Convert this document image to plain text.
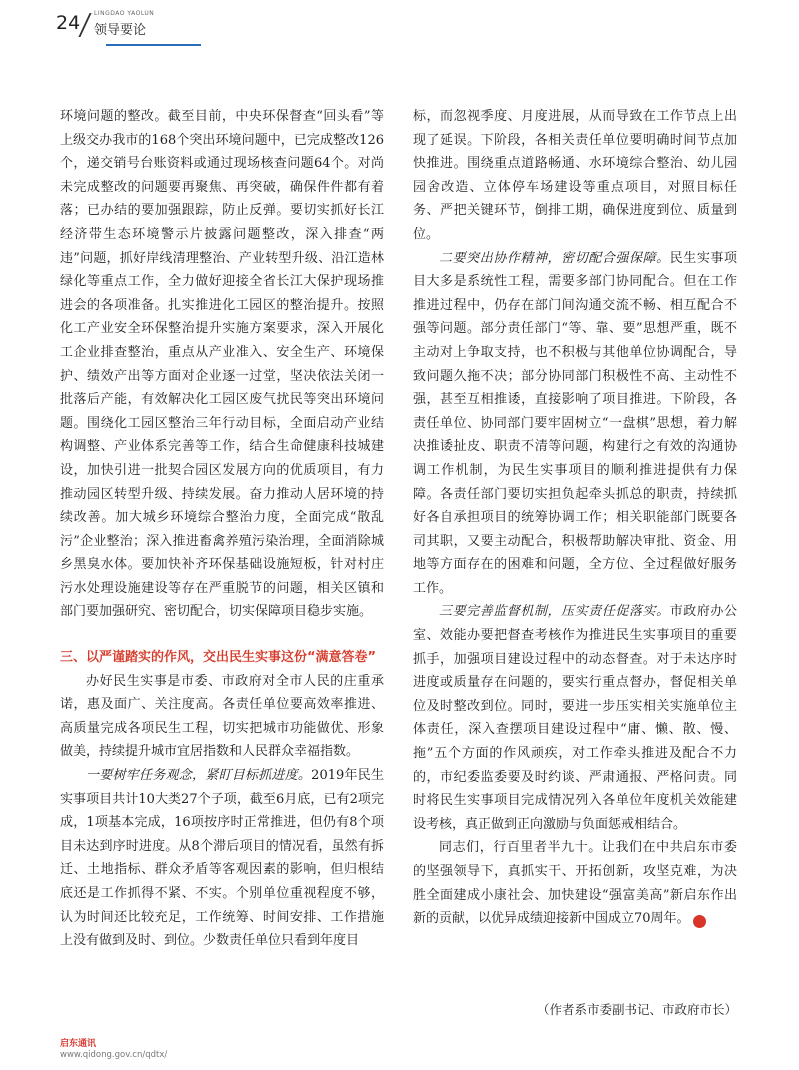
24 LINGDAO YAOLUN
领导要论

环境问题的整改。截至目前，中央环保督查“回头看”等上级交办我市的168个突出环境问题中，已完成整改126个，递交销号台账资料或通过现场核查问题64个。对尚未完成整改的问题要再聚焦、再突破，确保件件都有着落；已办结的要加强跟踪，防止反弹。要切实抓好长江经济带生态环境警示片披露问题整改，深入排查“两违”问题，抓好岸线清理整治、产业转型升级、沿江造林绿化等重点工作，全力做好迎接全省长江大保护现场推进会的各项准备。扎实推进化工园区的整治提升。按照化工产业安全环保整治提升实施方案要求，深入开展化工企业排查整治，重点从产业准入、安全生产、环境保护、绩效产出等方面对企业逐一过堂，坚决依法关闭一批落后产能，有效解决化工园区废气扰民等突出环境问题。围绕化工园区整治三年行动目标，全面启动产业结构调整、产业体系完善等工作，结合生命健康科技城建设，加快引进一批契合园区发展方向的优质项目，有力推动园区转型升级、持续发展。奋力推动人居环境的持续改善。加大城乡环境综合整治力度，全面完成“散乱污”企业整治；深入推进畜禽养殖污染治理，全面消除城乡黑臭水体。要加快补齐环保基础设施短板，针对村庄污水处理设施建设等存在严重脱节的问题，相关区镇和部门要加强研究、密切配合，切实保障项目稳步实施。

三、以严谨踏实的作风，交出民生实事这份“满意答卷”

办好民生实事是市委、市政府对全市人民的庄重承诺，惠及面广、关注度高。各责任单位要高效率推进、高质量完成各项民生工程，切实把城市功能做优、形象做美，持续提升城市宜居指数和人民群众幸福指数。

一要树牢任务观念，紧盯目标抓进度。2019年民生实事项目共计10大类27个子项，截至6月底，已有2项完成，1项基本完成，16项按序时正常推进，但仍有8个项目未达到序时进度。从8个滞后项目的情况看，虽然有拆迁、土地指标、群众矛盾等客观因素的影响，但归根结底还是工作抓得不紧、不实。个别单位重视程度不够，认为时间还比较充足，工作统筹、时间安排、工作措施上没有做到及时、到位。少数责任单位只看到年度目

标，而忽视季度、月度进展，从而导致在工作节点上出现了延误。下阶段，各相关责任单位要明确时间节点加快推进。围绕重点道路畅通、水环境综合整治、幼儿园园舍改造、立体停车场建设等重点项目，对照目标任务、严把关键环节，倒排工期，确保进度到位、质量到位。

二要突出协作精神，密切配合强保障。民生实事项目大多是系统性工程，需要多部门协同配合。但在工作推进过程中，仍存在部门间沟通交流不畅、相互配合不强等问题。部分责任部门“等、靠、要”思想严重，既不主动对上争取支持，也不积极与其他单位协调配合，导致问题久拖不决；部分协同部门积极性不高、主动性不强，甚至互相推诿，直接影响了项目推进。下阶段，各责任单位、协同部门要牢固树立“一盘棋”思想，着力解决推诿扯皮、职责不清等问题，构建行之有效的沟通协调工作机制，为民生实事项目的顺利推进提供有力保障。各责任部门要切实担负起牵头抓总的职责，持续抓好各自承担项目的统筹协调工作；相关职能部门既要各司其职，又要主动配合，积极帮助解决审批、资金、用地等方面存在的困难和问题，全方位、全过程做好服务工作。

三要完善监督机制，压实责任促落实。市政府办公室、效能办要把督查考核作为推进民生实事项目的重要抓手，加强项目建设过程中的动态督查。对于未达序时进度或质量存在问题的，要实行重点督办，督促相关单位及时整改到位。同时，要进一步压实相关实施单位主体责任，深入查摆项目建设过程中“庸、懒、散、慢、拖”五个方面的作风顽疾，对工作牵头推进及配合不力的，市纪委监委要及时约谈、严肃通报、严格问责。同时将民生实事项目完成情况列入各单位年度机关效能建设考核，真正做到正向激励与负面惩戒相结合。

同志们，行百里者半九十。让我们在中共启东市委的坚强领导下，真抓实干、开拓创新，攻坚克难，为决胜全面建成小康社会、加快建设“强富美高”新启东作出新的贡献，以优异成绩迎接新中国成立70周年。	启

（作者系市委副书记、市政府市长）
启东通讯
www.qidong.gov.cn/qdtx/
